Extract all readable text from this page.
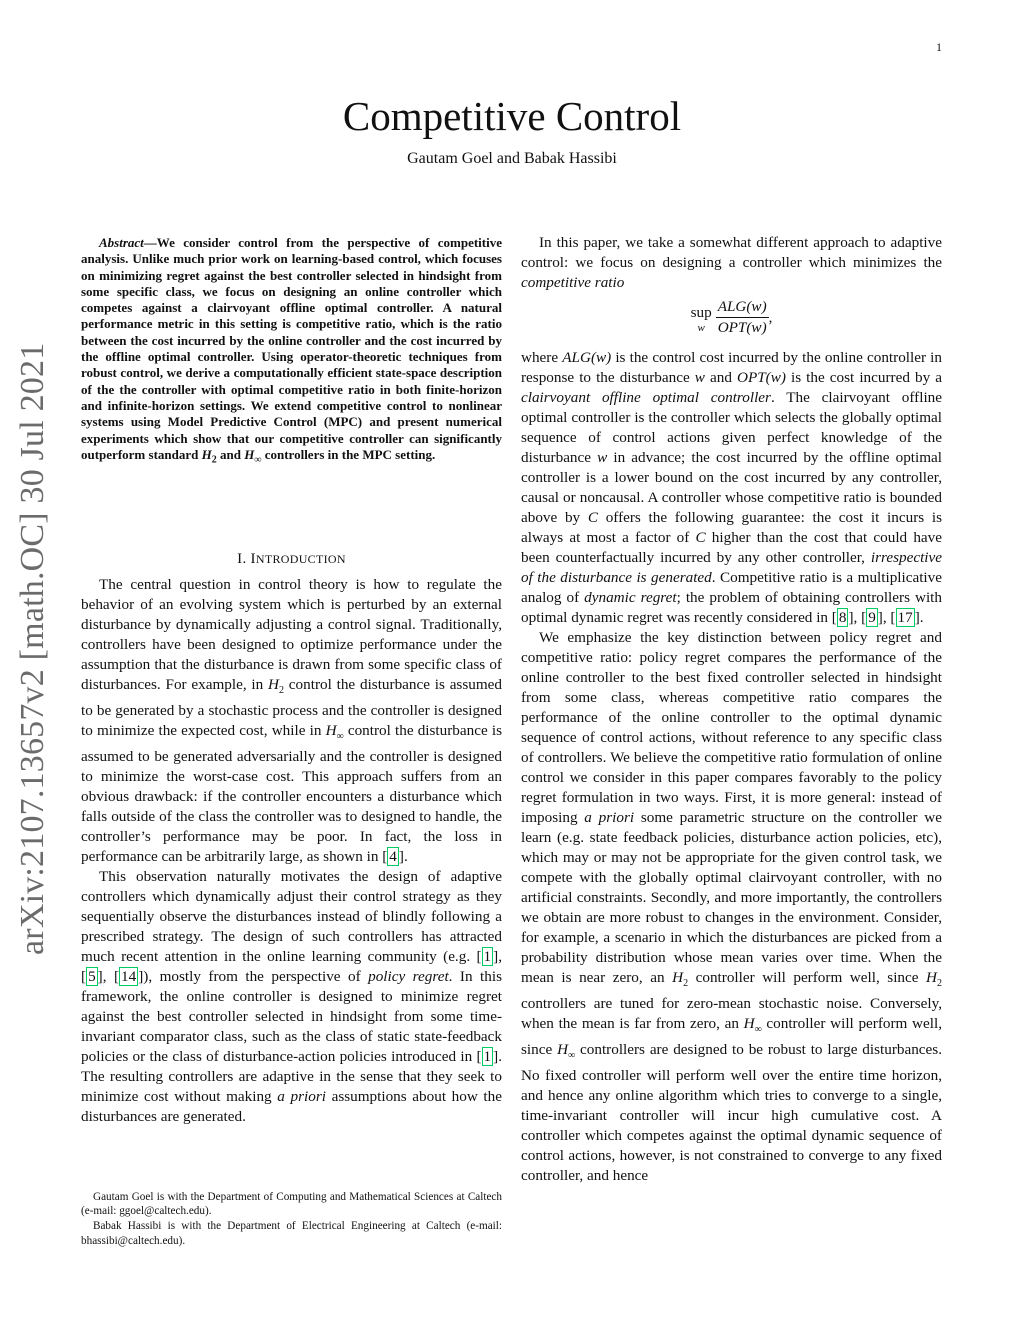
1
Competitive Control
Gautam Goel and Babak Hassibi
arXiv:2107.13657v2 [math.OC] 30 Jul 2021
Abstract—We consider control from the perspective of competitive analysis. Unlike much prior work on learning-based control, which focuses on minimizing regret against the best controller selected in hindsight from some specific class, we focus on designing an online controller which competes against a clairvoyant offline optimal controller. A natural performance metric in this setting is competitive ratio, which is the ratio between the cost incurred by the online controller and the cost incurred by the offline optimal controller. Using operator-theoretic techniques from robust control, we derive a computationally efficient state-space description of the the controller with optimal competitive ratio in both finite-horizon and infinite-horizon settings. We extend competitive control to nonlinear systems using Model Predictive Control (MPC) and present numerical experiments which show that our competitive controller can significantly outperform standard $H_2$ and $H_\infty$ controllers in the MPC setting.
I. INTRODUCTION

The central question in control theory is how to regulate the behavior of an evolving system which is perturbed by an external disturbance by dynamically adjusting a control signal. Traditionally, controllers have been designed to optimize performance under the assumption that the disturbance is drawn from some specific class of disturbances. For example, in $H_2$ control the disturbance is assumed to be generated by a stochastic process and the controller is designed to minimize the expected cost, while in $H_\infty$ control the disturbance is assumed to be generated adversarially and the controller is designed to minimize the worst-case cost. This approach suffers from an obvious drawback: if the controller encounters a disturbance which falls outside of the class the controller was to designed to handle, the controller’s performance may be poor. In fact, the loss in performance can be arbitrarily large, as shown in [ 4 ].

This observation naturally motivates the design of adaptive controllers which dynamically adjust their control strategy as they sequentially observe the disturbances instead of blindly following a prescribed strategy. The design of such controllers has attracted much recent attention in the online learning community (e.g. [ 1 ], [ 5 ], [ 14 ]), mostly from the perspective of policy regret. In this framework, the online controller is designed to minimize regret against the best controller selected in hindsight from some time-invariant comparator class, such as the class of static state-feedback policies or the class of disturbance-action policies introduced in [ 1 ]. The resulting controllers are adaptive in the sense that they seek to minimize cost without making a priori assumptions about how the disturbances are generated.

Gautam Goel is with the Department of Computing and Mathematical Sciences at Caltech (e-mail: ggoel@caltech.edu).

Babak Hassibi is with the Department of Electrical Engineering at Caltech (e-mail: bhassibi@caltech.edu).

In this paper, we take a somewhat different approach to adaptive control: we focus on designing a controller which minimizes the competitive ratio

sup
w $\frac{\text{ALG(w)}}{\text{OPT(w)}}$ ,

where ALG(w) is the control cost incurred by the online controller in response to the disturbance w and OPT(w) is the cost incurred by a clairvoyant offline optimal controller. The clairvoyant offline optimal controller is the controller which selects the globally optimal sequence of control actions given perfect knowledge of the disturbance w in advance; the cost incurred by the offline optimal controller is a lower bound on the cost incurred by any controller, causal or noncausal. A controller whose competitive ratio is bounded above by C offers the following guarantee: the cost it incurs is always at most a factor of C higher than the cost that could have been counterfactually incurred by any other controller, irrespective of the disturbance is generated. Competitive ratio is a multiplicative analog of dynamic regret; the problem of obtaining controllers with optimal dynamic regret was recently considered in [ 8 ], [ 9 ], [ 17 ].

We emphasize the key distinction between policy regret and competitive ratio: policy regret compares the performance of the online controller to the best fixed controller selected in hindsight from some class, whereas competitive ratio compares the performance of the online controller to the optimal dynamic sequence of control actions, without reference to any specific class of controllers. We believe the competitive ratio formulation of online control we consider in this paper compares favorably to the policy regret formulation in two ways. First, it is more general: instead of imposing a priori some parametric structure on the controller we learn (e.g. state feedback policies, disturbance action policies, etc), which may or may not be appropriate for the given control task, we compete with the globally optimal clairvoyant controller, with no artificial constraints. Secondly, and more importantly, the controllers we obtain are more robust to changes in the environment. Consider, for example, a scenario in which the disturbances are picked from a probability distribution whose mean varies over time. When the mean is near zero, an $H_2$ controller will perform well, since $H_2$ controllers are tuned for zero-mean stochastic noise. Conversely, when the mean is far from zero, an $H_\infty$ controller will perform well, since $H_\infty$ controllers are designed to be robust to large disturbances. No fixed controller will perform well over the entire time horizon, and hence any online algorithm which tries to converge to a single, time-invariant controller will incur high cumulative cost. A controller which competes against the optimal dynamic sequence of control actions, however, is not constrained to converge to any fixed controller, and hence
